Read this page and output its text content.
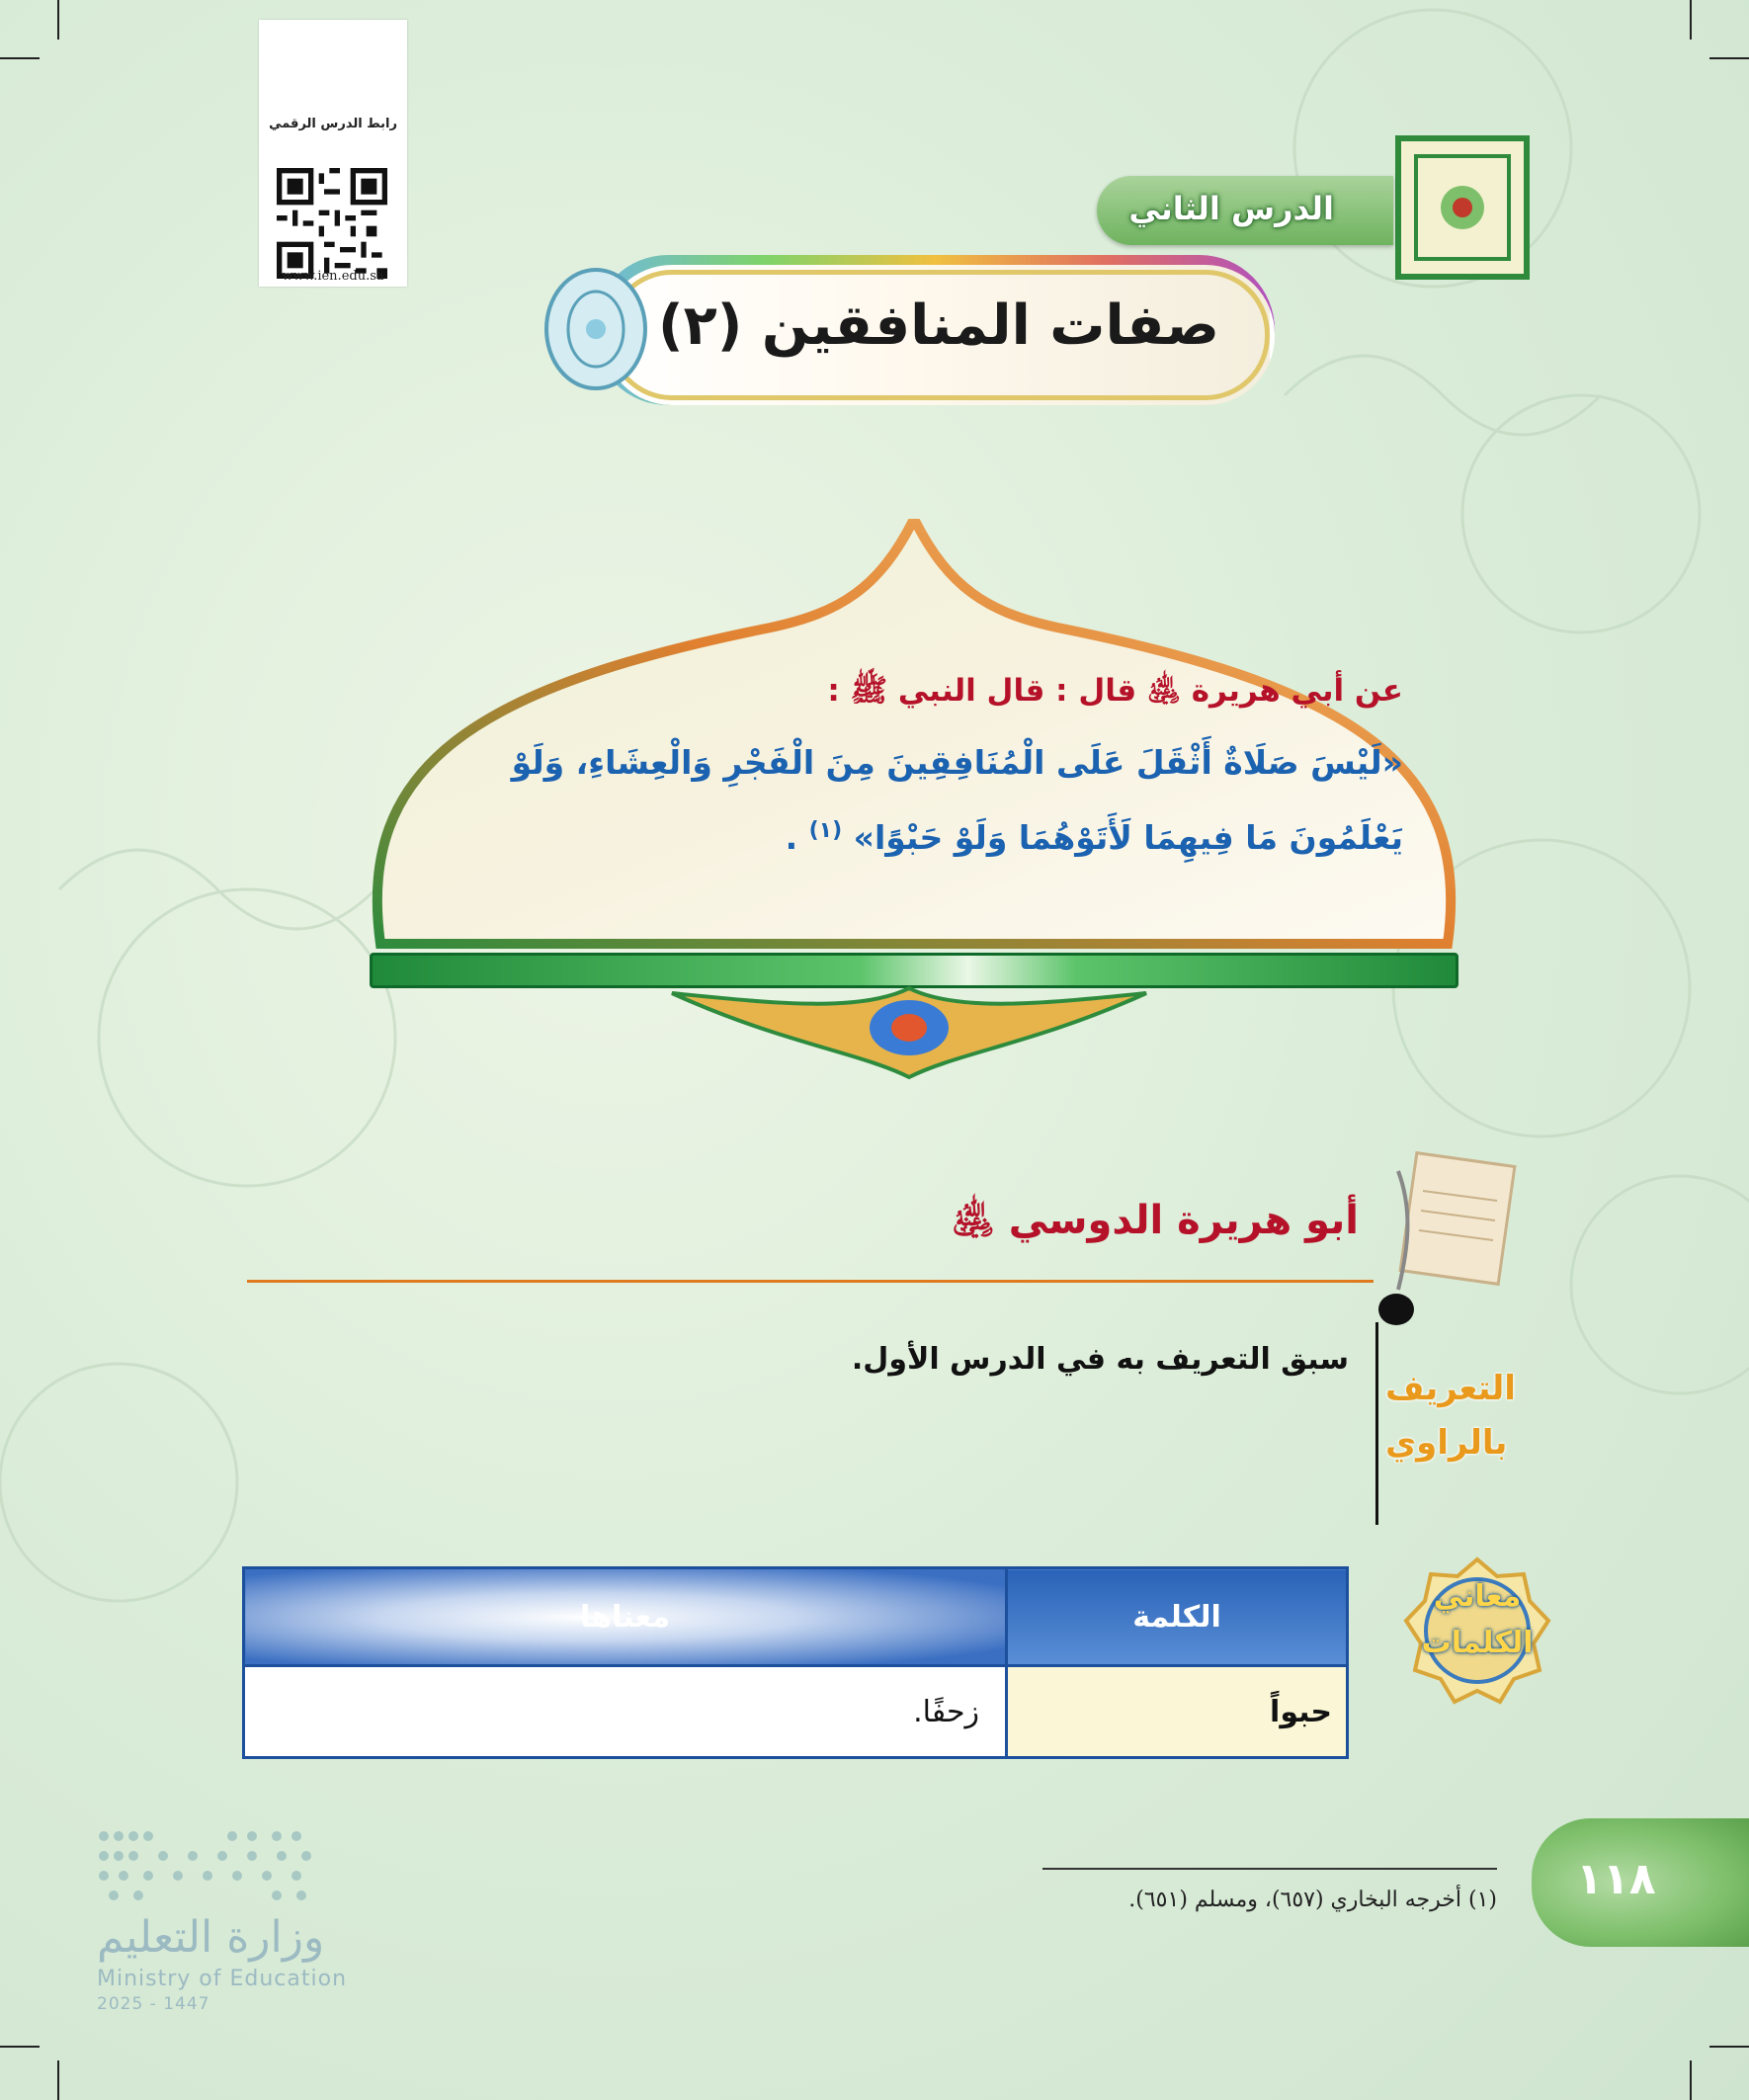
رابط الدرس الرقمي
www.ien.edu.sa
الدرس الثاني
صفات المنافقين (٢)
عن أبي هريرة ﵁ قال : قال النبي ﷺ :
«لَيْسَ صَلَاةٌ أَثْقَلَ عَلَى الْمُنَافِقِينَ مِنَ الْفَجْرِ وَالْعِشَاءِ، وَلَوْ
يَعْلَمُونَ مَا فِيهِمَا لَأَتَوْهُمَا وَلَوْ حَبْوًا» $^{(١)}$ .
أبو هريرة الدوسي ﵁
التعريف
بالراوي
سبق التعريف به في الدرس الأول.
معاني
الكلمات
الكلمة	معناها
حبواً	زحفًا.
(١) أخرجه البخاري (٦٥٧)، ومسلم (٦٥١). ١١٨
وزارة التعليم
Ministry of Education
2025 - 1447
